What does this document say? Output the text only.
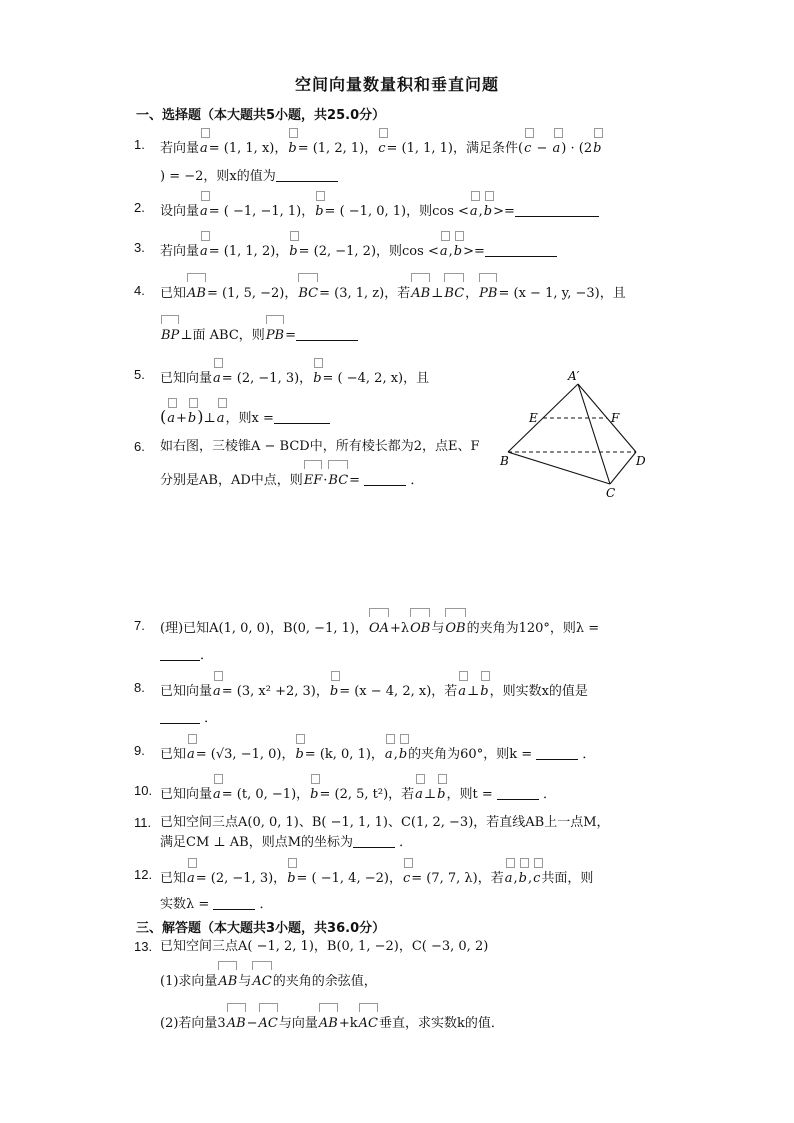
空间向量数量积和垂直问题
一、选择题（本大题共5小题，共25.0分）
1.	若向量a= (1, 1, x)，b= (1, 2, 1)，c= (1, 1, 1)，满足条件(c − a) · (2b
) = −2，则x的值为
2.	设向量a= ( −1, −1, 1)，b= ( −1, 0, 1)，则cos <a,b>=
3.	若向量a= (1, 1, 2)，b= (2, −1, 2)，则cos <a,b>=
4.	已知AB= (1, 5, −2)，BC= (3, 1, z)，若AB⊥BC，PB= (x − 1, y, −3)，且
BP⊥面 ABC，则PB=
5.	已知向量a= (2, −1, 3)，b= ( −4, 2, x)，且
(a+b)⊥a，则x =
6.	如右图，三棱锥A − BCD中，所有棱长都为2，点E、F
分别是AB，AD中点，则EF·BC=	．
A′
E	F
B	D
C
7.	(理)已知A(1, 0, 0)，B(0, −1, 1)，OA+λOB与OB的夹角为120°，则λ =
．
8.	已知向量a= (3, x² +2, 3)，b= (x − 4, 2, x)，若a⊥b，则实数x的值是
．
9.	已知a= (√3, −1, 0)，b= (k, 0, 1)，a,b的夹角为60°，则k =	．
10. 已知向量a= (t, 0, −1)，b= (2, 5, t²)，若a⊥b，则t =	．
11. 已知空间三点A(0, 0, 1)、B( −1, 1, 1)、C(1, 2, −3)，若直线AB上一点M，
满足CM ⊥ AB，则点M的坐标为	．
12. 已知a= (2, −1, 3)，b= ( −1, 4, −2)，c= (7, 7, λ)，若a,b,c共面，则
实数λ =	．
三、解答题（本大题共3小题，共36.0分）
13. 已知空间三点A( −1, 2, 1)，B(0, 1, −2)，C( −3, 0, 2)
(1)求向量AB与AC的夹角的余弦值，
(2)若向量3AB−AC与向量AB+kAC垂直，求实数k的值．
